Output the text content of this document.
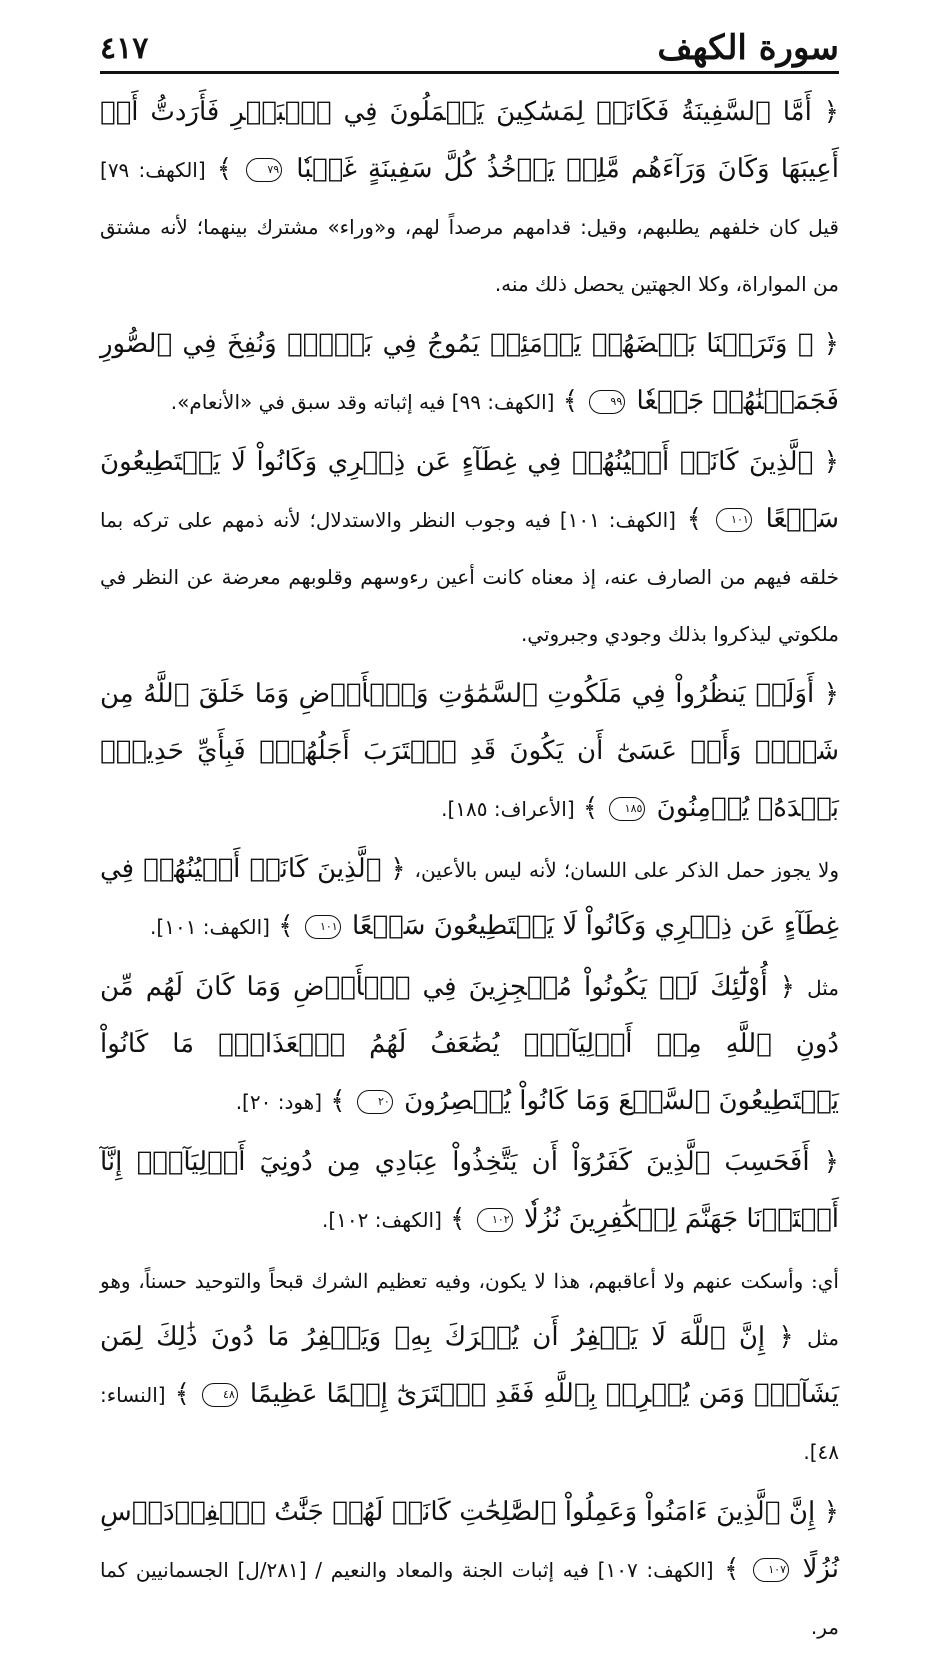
سورة الكهف
٤١٧

﴿ أَمَّا ٱلسَّفِينَةُ فَكَانَتۡ لِمَسَٰكِينَ يَعۡمَلُونَ فِي ٱلۡبَحۡرِ فَأَرَدتُّ أَنۡ أَعِيبَهَا وَكَانَ وَرَآءَهُم مَّلِكٞ يَأۡخُذُ كُلَّ سَفِينَةٍ غَصۡبٗا ٧٩ ﴾ [الكهف: ٧٩] قيل كان خلفهم يطلبهم، وقيل: قدامهم مرصداً لهم، و«وراء» مشترك بينهما؛ لأنه مشتق من المواراة، وكلا الجهتين يحصل ذلك منه.

﴿ ۞ وَتَرَكۡنَا بَعۡضَهُمۡ يَوۡمَئِذٖ يَمُوجُ فِي بَعۡضٖۖ وَنُفِخَ فِي ٱلصُّورِ فَجَمَعۡنَٰهُمۡ جَمۡعٗا ٩٩ ﴾ [الكهف: ٩٩] فيه إثباته وقد سبق في «الأنعام».

﴿ ٱلَّذِينَ كَانَتۡ أَعۡيُنُهُمۡ فِي غِطَآءٍ عَن ذِكۡرِي وَكَانُواْ لَا يَسۡتَطِيعُونَ سَمۡعًا ١٠١ ﴾ [الكهف: ١٠١] فيه وجوب النظر والاستدلال؛ لأنه ذمهم على تركه بما خلقه فيهم من الصارف عنه، إذ معناه كانت أعين رءوسهم وقلوبهم معرضة عن النظر في ملكوتي ليذكروا بذلك وجودي وجبروتي.

﴿ أَوَلَمۡ يَنظُرُواْ فِي مَلَكُوتِ ٱلسَّمَٰوَٰتِ وَٱلۡأَرۡضِ وَمَا خَلَقَ ٱللَّهُ مِن شَيۡءٖ وَأَنۡ عَسَىٰٓ أَن يَكُونَ قَدِ ٱقۡتَرَبَ أَجَلُهُمۡۖ فَبِأَيِّ حَدِيثِۭ بَعۡدَهُۥ يُؤۡمِنُونَ ١٨٥ ﴾ [الأعراف: ١٨٥].

ولا يجوز حمل الذكر على اللسان؛ لأنه ليس بالأعين، ﴿ ٱلَّذِينَ كَانَتۡ أَعۡيُنُهُمۡ فِي غِطَآءٍ عَن ذِكۡرِي وَكَانُواْ لَا يَسۡتَطِيعُونَ سَمۡعًا ١٠١ ﴾ [الكهف: ١٠١].

مثل ﴿ أُوْلَٰٓئِكَ لَمۡ يَكُونُواْ مُعۡجِزِينَ فِي ٱلۡأَرۡضِ وَمَا كَانَ لَهُم مِّن دُونِ ٱللَّهِ مِنۡ أَوۡلِيَآءَۘ يُضَٰعَفُ لَهُمُ ٱلۡعَذَابُۚ مَا كَانُواْ يَسۡتَطِيعُونَ ٱلسَّمۡعَ وَمَا كَانُواْ يُبۡصِرُونَ ٢٠ ﴾ [هود: ٢٠].

﴿ أَفَحَسِبَ ٱلَّذِينَ كَفَرُوٓاْ أَن يَتَّخِذُواْ عِبَادِي مِن دُونِيٓ أَوۡلِيَآءَۚ إِنَّآ أَعۡتَدۡنَا جَهَنَّمَ لِلۡكَٰفِرِينَ نُزُلٗا ١٠٢ ﴾ [الكهف: ١٠٢].

أي: وأسكت عنهم ولا أعاقبهم، هذا لا يكون، وفيه تعظيم الشرك قبحاً والتوحيد حسناً، وهو مثل ﴿ إِنَّ ٱللَّهَ لَا يَغۡفِرُ أَن يُشۡرَكَ بِهِۦ وَيَغۡفِرُ مَا دُونَ ذَٰلِكَ لِمَن يَشَآءُۚ وَمَن يُشۡرِكۡ بِٱللَّهِ فَقَدِ ٱفۡتَرَىٰٓ إِثۡمًا عَظِيمًا ٤٨ ﴾ [النساء: ٤٨].

﴿ إِنَّ ٱلَّذِينَ ءَامَنُواْ وَعَمِلُواْ ٱلصَّٰلِحَٰتِ كَانَتۡ لَهُمۡ جَنَّٰتُ ٱلۡفِرۡدَوۡسِ نُزُلًا ١٠٧ ﴾ [الكهف: ١٠٧] فيه إثبات الجنة والمعاد والنعيم / [٢٨١/ل] الجسمانيين كما مر.
